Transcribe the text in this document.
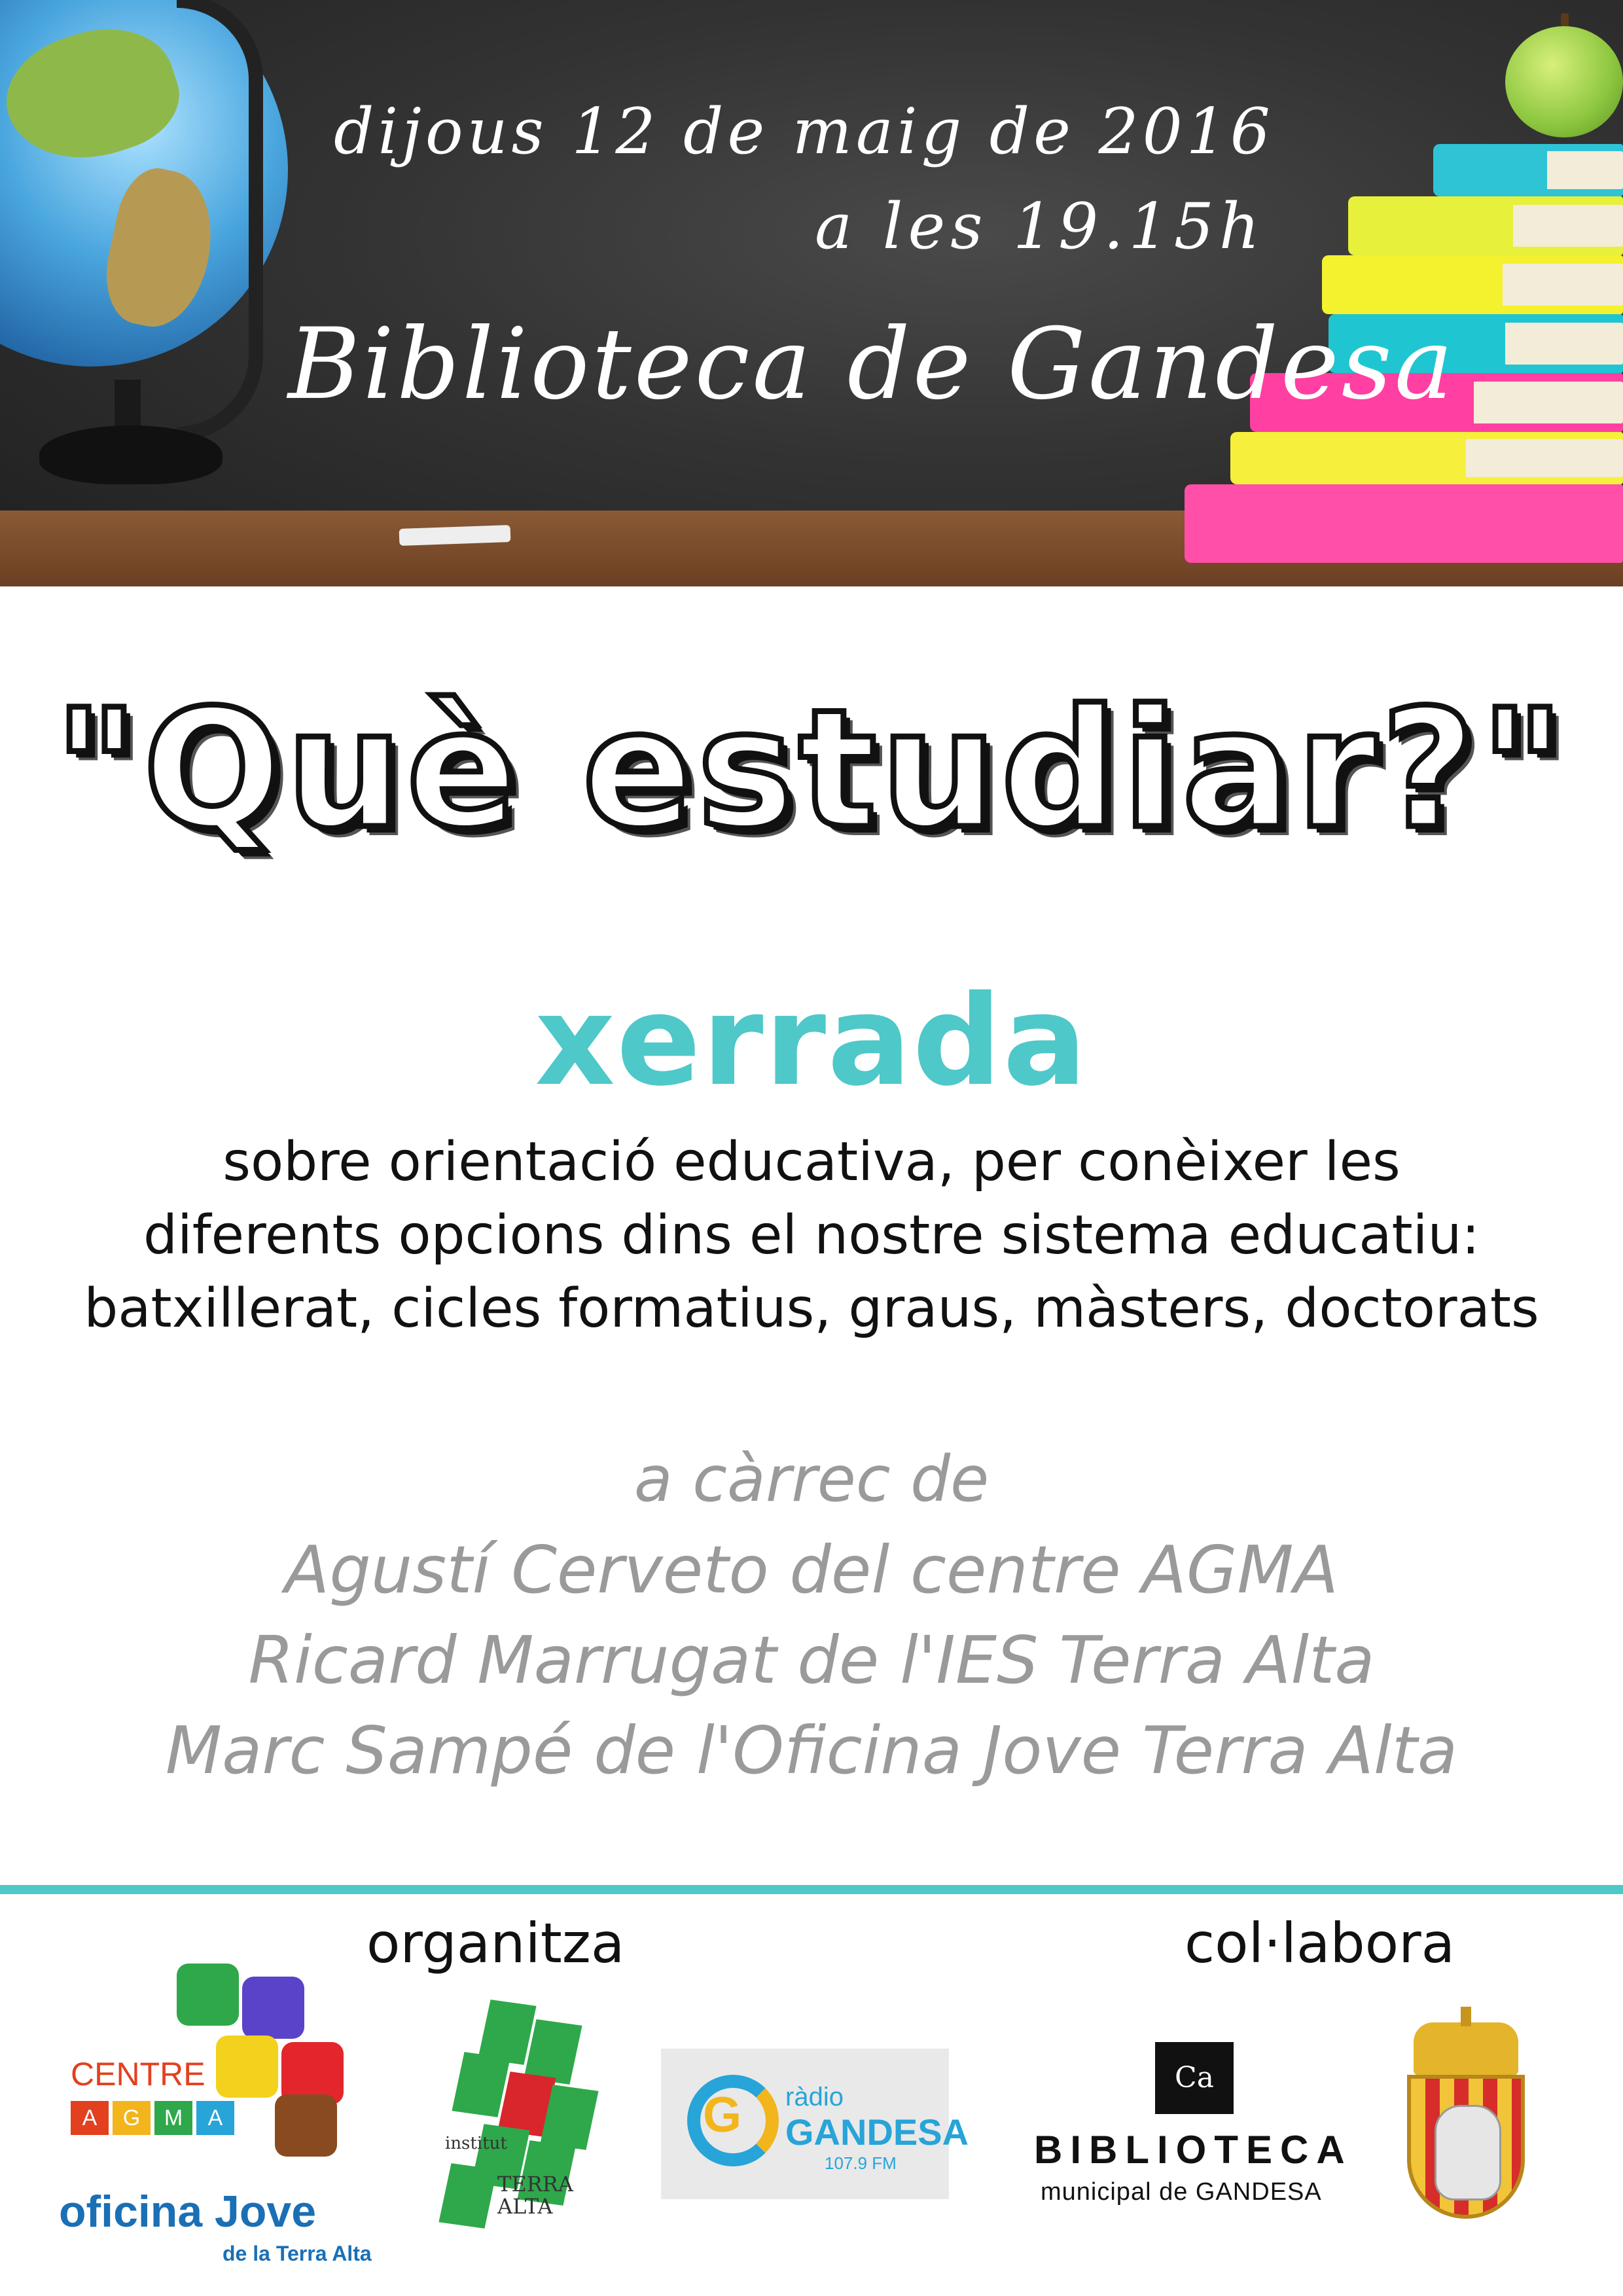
dijous 12 de maig de 2016

a les 19.15h

Biblioteca de Gandesa

"Què estudiar?"
xerrada
sobre orientació educativa, per conèixer les
diferents opcions dins el nostre sistema educatiu:
batxillerat, cicles formatius, graus, màsters, doctorats
a càrrec de
Agustí Cerveto del centre AGMA
Ricard Marrugat de l'IES Terra Alta
Marc Sampé de l'Oficina Jove Terra Alta

organitza	col·labora

CENTRE

A	G	M	A

oficina Jove

de la Terra Alta

institut

TERRA ALTA

G ràdio

GANDESA

107.9 FM

Ca

BIBLIOTECA

municipal de GANDESA
